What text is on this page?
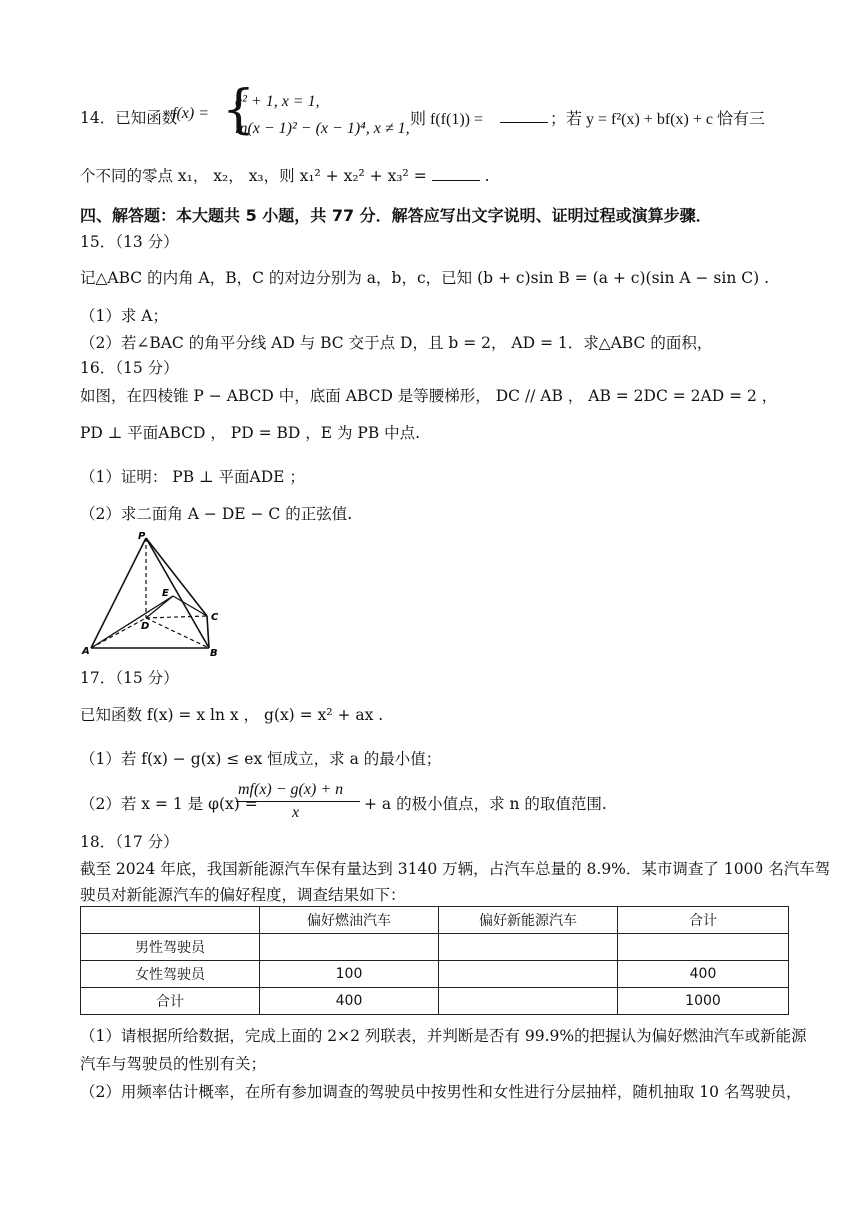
14．已知函数
f(x) = {
e² + 1, x = 1,
ln(x − 1)² − (x − 1)⁴, x ≠ 1,
则 f(f(1)) =	；若 y = f²(x) + bf(x) + c 恰有三
个不同的零点 x₁， x₂， x₃，则 x₁² + x₂² + x₃² =	.
四、解答题：本大题共 5 小题，共 77 分．解答应写出文字说明、证明过程或演算步骤．
15．（13 分）
记△ABC 的内角 A，B，C 的对边分别为 a，b，c，已知 (b + c)sin B = (a + c)(sin A − sin C) .
（1）求 A；
（2）若∠BAC 的角平分线 AD 与 BC 交于点 D，且 b = 2， AD = 1．求△ABC 的面积，
16．（15 分）
如图，在四棱锥 P − ABCD 中，底面 ABCD 是等腰梯形， DC // AB ， AB = 2DC = 2AD = 2 ，
PD ⊥ 平面ABCD ， PD = BD ，E 为 PB 中点.
（1）证明： PB ⊥ 平面ADE ；
（2）求二面角 A − DE − C 的正弦值.
P
E
C
D
A	B
17．（15 分）
已知函数 f(x) = x ln x ， g(x) = x² + ax .
（1）若 f(x) − g(x) ≤ ex 恒成立，求 a 的最小值；
（2）若 x = 1 是 φ(x) =
mf(x) − g(x) + n
x	+ a 的极小值点，求 n 的取值范围.
18．（17 分）
截至 2024 年底，我国新能源汽车保有量达到 3140 万辆，占汽车总量的 8.9%．某市调查了 1000 名汽车驾
驶员对新能源汽车的偏好程度，调查结果如下：
	偏好燃油汽车	偏好新能源汽车	合计
男性驾驶员			
女性驾驶员	100		400
合计	400		1000
（1）请根据所给数据，完成上面的 2×2 列联表，并判断是否有 99.9%的把握认为偏好燃油汽车或新能源
汽车与驾驶员的性别有关；
（2）用频率估计概率，在所有参加调查的驾驶员中按男性和女性进行分层抽样，随机抽取 10 名驾驶员，
